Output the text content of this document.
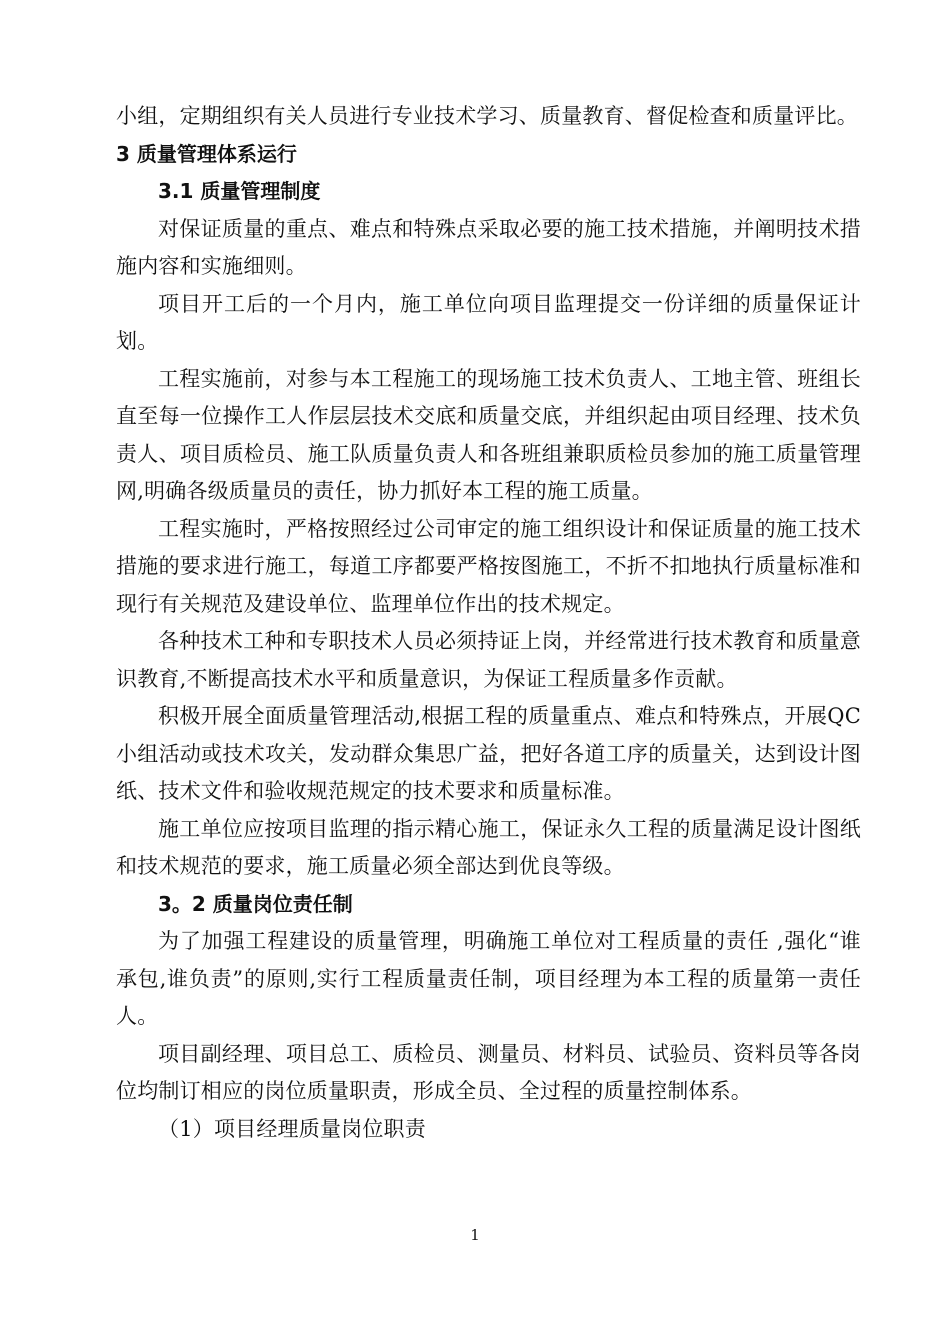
小组，定期组织有关人员进行专业技术学习、质量教育、督促检查和质量评比。

3 质量管理体系运行

3.1 质量管理制度

对保证质量的重点、难点和特殊点采取必要的施工技术措施，并阐明技术措施内容和实施细则。

项目开工后的一个月内，施工单位向项目监理提交一份详细的质量保证计划。

工程实施前，对参与本工程施工的现场施工技术负责人、工地主管、班组长直至每一位操作工人作层层技术交底和质量交底，并组织起由项目经理、技术负责人、项目质检员、施工队质量负责人和各班组兼职质检员参加的施工质量管理网,明确各级质量员的责任，协力抓好本工程的施工质量。

工程实施时，严格按照经过公司审定的施工组织设计和保证质量的施工技术措施的要求进行施工，每道工序都要严格按图施工，不折不扣地执行质量标准和现行有关规范及建设单位、监理单位作出的技术规定。

各种技术工种和专职技术人员必须持证上岗，并经常进行技术教育和质量意识教育,不断提高技术水平和质量意识，为保证工程质量多作贡献。

积极开展全面质量管理活动,根据工程的质量重点、难点和特殊点，开展QC 小组活动或技术攻关，发动群众集思广益，把好各道工序的质量关，达到设计图纸、技术文件和验收规范规定的技术要求和质量标准。

施工单位应按项目监理的指示精心施工，保证永久工程的质量满足设计图纸和技术规范的要求，施工质量必须全部达到优良等级。

3。2 质量岗位责任制

为了加强工程建设的质量管理，明确施工单位对工程质量的责任 ,强化“谁承包,谁负责”的原则,实行工程质量责任制，项目经理为本工程的质量第一责任人。

项目副经理、项目总工、质检员、测量员、材料员、试验员、资料员等各岗位均制订相应的岗位质量职责，形成全员、全过程的质量控制体系。

（1）项目经理质量岗位职责

1
